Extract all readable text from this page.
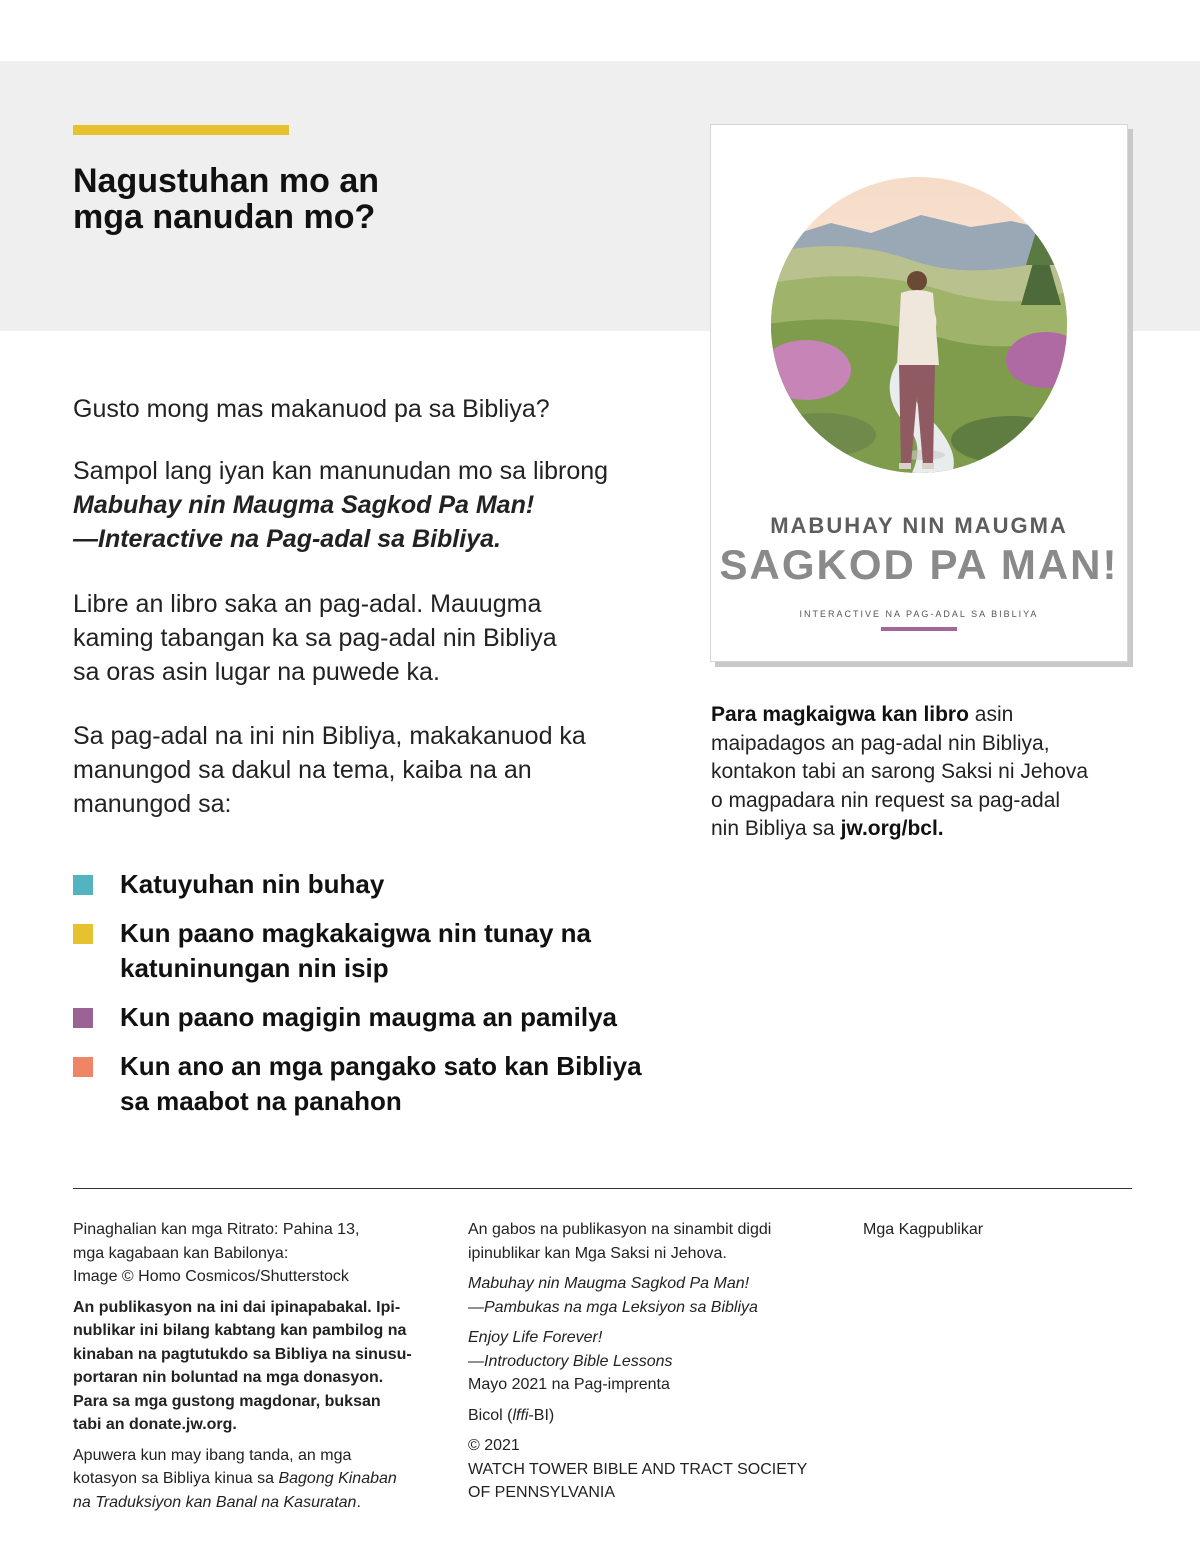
Nagustuhan mo an
mga nanudan mo?

Gusto mong mas makanuod pa sa Bibliya?

Sampol lang iyan kan manunudan mo sa librong
Mabuhay nin Maugma Sagkod Pa Man!
—Interactive na Pag-adal sa Bibliya.

Libre an libro saka an pag-adal. Mauugma
kaming tabangan ka sa pag-adal nin Bibliya
sa oras asin lugar na puwede ka.

Sa pag-adal na ini nin Bibliya, makakanuod ka
manungod sa dakul na tema, kaiba na an
manungod sa:

Katuyuhan nin buhay
Kun paano magkakaigwa nin tunay na
katuninungan nin isip
Kun paano magigin maugma an pamilya
Kun ano an mga pangako sato kan Bibliya
sa maabot na panahon
MABUHAY NIN MAUGMA
SAGKOD PA MAN!
INTERACTIVE NA PAG-ADAL SA BIBLIYA

Para magkaigwa kan libro asin
maipadagos an pag-adal nin Bibliya,
kontakon tabi an sarong Saksi ni Jehova
o magpadara nin request sa pag-adal
nin Bibliya sa jw.org/bcl.

Pinaghalian kan mga Ritrato: Pahina 13,
mga kagabaan kan Babilonya:
Image © Homo Cosmicos/Shutterstock

An publikasyon na ini dai ipinapabakal. Ipi-
nublikar ini bilang kabtang kan pambilog na
kinaban na pagtutukdo sa Bibliya na sinusu-
portaran nin boluntad na mga donasyon.
Para sa mga gustong magdonar, buksan
tabi an donate.jw.org.

Apuwera kun may ibang tanda, an mga
kotasyon sa Bibliya kinua sa Bagong Kinaban
na Traduksiyon kan Banal na Kasuratan.

An gabos na publikasyon na sinambit digdi
ipinublikar kan Mga Saksi ni Jehova.

Mabuhay nin Maugma Sagkod Pa Man!
—Pambukas na mga Leksiyon sa Bibliya

Enjoy Life Forever!
—Introductory Bible Lessons
Mayo 2021 na Pag-imprenta

Bicol (lffi-BI)

© 2021
WATCH TOWER BIBLE AND TRACT SOCIETY
OF PENNSYLVANIA

Mga Kagpublikar
